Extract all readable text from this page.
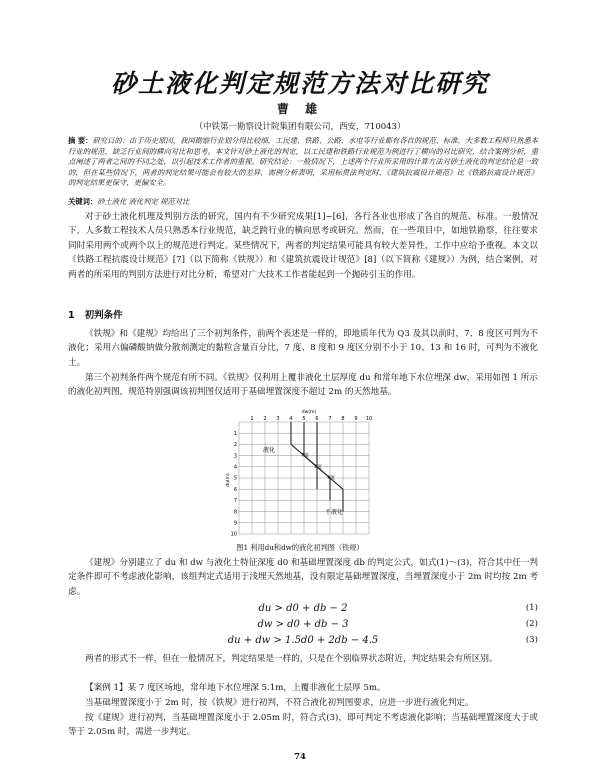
砂土液化判定规范方法对比研究
曹 雄
（中铁第一勘察设计院集团有限公司，西安，710043）
摘 要：研究目的：由于历史原因，我国勘察行业划分得比较细，工民建、铁路、公路、水电等行业都有各自的规范、标准，大多数工程师只熟悉本行业的规范，缺乏行业间的横向对比和思考。本文针对砂土液化的判定，以工民建和铁路行业规范为例进行了横向的对比研究，结合案例分析，重点阐述了两者之间的不同之处，以引起技术工作者的重视。研究结论：一般情况下，上述两个行业所采用的计算方法对砂土液化的判定结论是一致的，但在某些情况下，两者的判定结果可能会有较大的差异，需例分析表明，采用标贯法判定时，《建筑抗震设计规范》比《铁路抗震设计规范》的判定结果更保守，更偏安全。
关键词：砂土液化 液化判定 规范对比
对于砂土液化机理及判别方法的研究，国内有不少研究成果[1]~[6]，各行各业也形成了各自的规范、标准。一般情况下，人多数工程技术人员只熟悉本行业规范，缺乏跨行业的横向思考或研究。然而，在一些项目中，如地铁勘察，往往要求同时采用两个或两个以上的规范进行判定。某些情况下，两者的判定结果可能具有较大差异性，工作中应给予重视。本文以《铁路工程抗震设计规范》[7]（以下简称《铁规》）和《建筑抗震设计规范》[8]（以下简称《建规》）为例，结合案例，对两者的所采用的判别方法进行对比分析，希望对广大技术工作者能起到一个抛砖引玉的作用。
1 初判条件
《铁规》和《建规》均给出了三个初判条件，前两个表述是一样的，即地质年代为 Q3 及其以前时，7、8 度区可判为不液化；采用六偏磷酸钠做分散剂测定的黏粒含量百分比，7 度、8 度和 9 度区分别不小于 10、13 和 16 时，可判为不液化土。
第三个初判条件两个规范有所不同。《铁规》仅利用上覆非液化土层厚度 du 和常年地下水位埋深 dw，采用如图 1 所示的液化初判图，规范特别强调该初判图仅适用于基础埋置深度不超过 2m 的天然地基。
dw(m)
du(m)
1 2 3 4 5 6 7 8 9 10
1
2
3
4
5
6
7
8
9
10
7度
8度
9度
液化
不液化
图1 利用du和dw的液化初判图（铁规）
《建规》分别建立了 du 和 dw 与液化土特征深度 d0 和基础埋置深度 db 的判定公式，如式(1)～(3)，符合其中任一判定条件即可不考虑液化影响，该组判定式适用于浅埋天然地基，没有限定基础埋置深度，当埋置深度小于 2m 时均按 2m 考虑。
du > d0 + db − 2	(1)
dw > d0 + db − 3	(2)
du + dw > 1.5d0 + 2db − 4.5	(3)
两者的形式不一样，但在一般情况下，判定结果是一样的，只是在个别临界状态附近，判定结果会有所区别。
【案例 1】某 7 度区场地，常年地下水位埋深 5.1m，上覆非液化土层厚 5m。
当基础埋置深度小于 2m 时，按《铁规》进行初判，不符合液化初判图要求，应进一步进行液化判定。
按《建规》进行初判，当基础埋置深度小于 2.05m 时，符合式(3)，即可判定不考虑液化影响；当基础埋置深度大于或等于 2.05m 时，需进一步判定。
74
